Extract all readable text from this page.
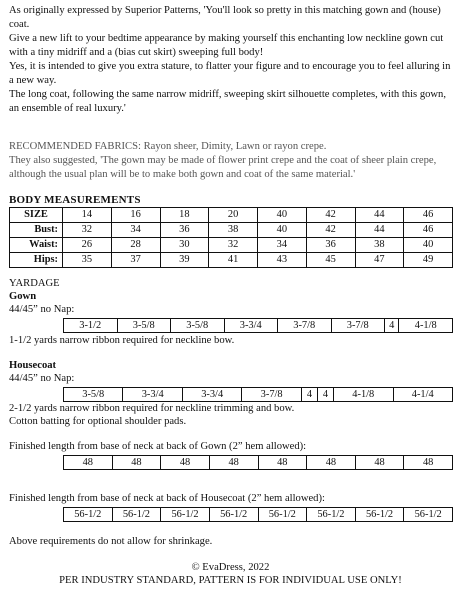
As originally expressed by Superior Patterns, 'You'll look so pretty in this matching gown and (house) coat.

Give a new lift to your bedtime appearance by making yourself this enchanting low neckline gown cut with a tiny midriff and a (bias cut skirt) sweeping full body!

Yes, it is intended to give you extra stature, to flatter your figure and to encourage you to feel alluring in a new way.

The long coat, following the same narrow midriff, sweeping skirt silhouette completes, with this gown, an ensemble of real luxury.'

RECOMMENDED FABRICS: Rayon sheer, Dimity, Lawn or rayon crepe.

They also suggested, 'The gown may be made of flower print crepe and the coat of sheer plain crepe, although the usual plan will be to make both gown and coat of the same material.'

BODY MEASUREMENTS
SIZE	14	16	18	20	40	42	44	46
Bust:	32	34	36	38	40	42	44	46
Waist:	26	28	30	32	34	36	38	40
Hips:	35	37	39	41	43	45	47	49
YARDAGE
Gown
44/45” no Nap:
3-1/2	3-5/8	3-5/8	3-3/4	3-7/8	3-7/8	4	4-1/8
1-1/2 yards narrow ribbon required for neckline bow.
Housecoat
44/45” no Nap:
3-5/8	3-3/4	3-3/4	3-7/8	4	4	4-1/8	4-1/4
2-1/2 yards narrow ribbon required for neckline trimming and bow.
Cotton batting for optional shoulder pads.
Finished length from base of neck at back of Gown (2” hem allowed):
48	48	48	48	48	48	48	48
Finished length from base of neck at back of Housecoat (2” hem allowed):
56-1/2	56-1/2	56-1/2	56-1/2	56-1/2	56-1/2	56-1/2	56-1/2
Above requirements do not allow for shrinkage.
© EvaDress, 2022
PER INDUSTRY STANDARD, PATTERN IS FOR INDIVIDUAL USE ONLY!
